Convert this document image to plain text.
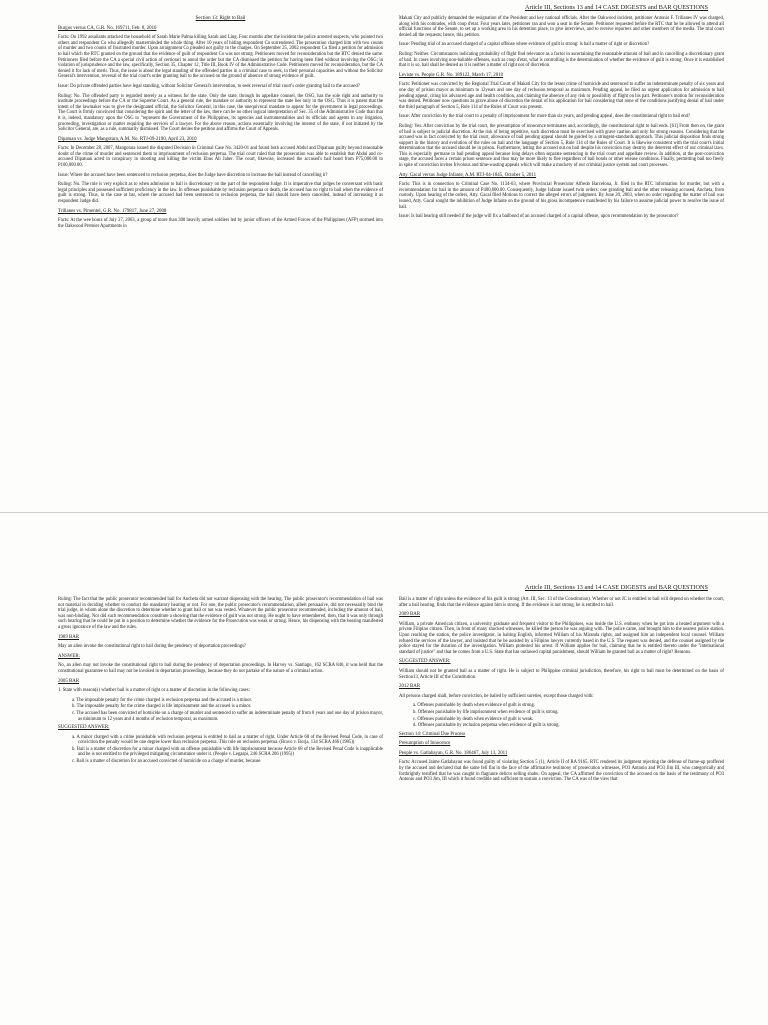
Article III, Sections 13 and 14 CASE DIGESTS and BAR QUESTIONS

Section 13: Right to Bail

Burgos versus CA, G.R. No. 169711, Feb. 8, 2010

Facts: On 1992 assailants attacked the household of Sarah Marie Palma killing Sarah and Ling. Four months after the incident the police arrested suspects, who pointed two others and respondent Co who allegedly masterminded the whole thing. After 10 years of hiding respondent Co surrendered. The prosecution charged him with two counts of murder and two counts of frustrated murder. Upon arraignment Co pleaded not guilty to the charges. On September 25, 2002 respondent Co filed a petition for admission to bail which the RTC granted on the ground that the evidence of guilt of respondent Co was not strong. Petitioners moved for reconsideration but the RTC denied the same. Petitioners filed before the CA a special civil action of certiorari to annul the order but the CA dismissed the petition for having been filed without involving the OSG; in violation of jurisprudence and the law, specifically, Section 35, Chapter 12, Title III, Book IV of the Administrative Code. Petitioners moved for reconsideration, but the CA denied it for lack of merit. Thus, the issue is about the legal standing of the offended parties in a criminal case to seek, in their personal capacities and without the Solicitor General's intervention, reversal of the trial court's order granting bail to the accused on the ground of absence of strong evidence of guilt.

Issue: Do private offended parties have legal standing, without Solicitor General's intervention, to seek reversal of trial court's order granting bail to the accused?

Ruling: No. The offended party is regarded merely as a witness for the state. Only the state, through its appellate counsel, the OSG, has the sole right and authority to institute proceedings before the CA or the Supreme Court. As a general rule, the mandate or authority to represent the state lies only in the OSG. Thus it is patent that the intent of the lawmaker was to give the designated official, the Solicitor General, in this case, the unequivocal mandate to appear for the government in legal proceedings. The Court is firmly convinced that considering the spirit and the letter of the law, there can be no other logical interpretation of Sec. 35 of the Administrative Code than that it is, indeed, mandatory upon the OSG to "represent the Government of the Philippines, its agencies and instrumentalities and its officials and agents in any litigation, proceeding, investigation or matter requiring the services of a lawyer. For the above reason, actions essentially involving the interest of the state, if not initiated by the Solicitor General, are, as a rule, summarily dismissed. The Court denies the petition and affirms the Court of Appeals.

Dipatuan vs. Judge Mangotara, A.M. No. RTJ-09-2190, April 23, 2010

Facts: In December 28, 2007, Mangotara issued the disputed Decision in Criminal Case No. 3420-01 and found both accused Abdul and Dipatuan guilty beyond reasonable doubt of the crime of murder and sentenced them to imprisonment of reclusion perpetua. The trial court ruled that the prosecution was able to establish that Abdul and co-accused Dipatuan acted in conspiracy in shooting and killing the victim Ebus Ali Jaber. The court, likewise, increased the accused's bail bond from P75,000.00 to P100,000.00.

Issue: Where the accused have been sentenced to reclusion perpetua, does the Judge have discretion to increase the bail instead of cancelling it?

Ruling: No. The rule is very explicit as to when admission to bail is discretionary on the part of the respondent Judge. It is imperative that judges be conversant with basic legal principles and possessed sufficient proficiency in the law. In offenses punishable by reclusion perpetua or death, the accused has no right to bail when the evidence of guilt is strong. Thus, in the case at bar, where the accused had been sentenced to reclusion perpetua, the bail should have been cancelled, instead of increasing it as respondent Judge did.

Trillanes vs. Pimentel, G.R. No. 179817, June 27, 2008

Facts: At the wee hours of July 27, 2003, a group of more than 300 heavily armed soldiers led by junior officers of the Armed Forces of the Philippines (AFP) stormed into the Oakwood Premier Apartments in

Makati City and publicly demanded the resignation of the President and key national officials. After the Oakwood incident, petitioner Antonio F. Trillanes IV was charged, along with his comrades, with coup d'etat. Four years later, petitioner ran and won a seat in the Senate. Petitioner requested before the RTC that he be allowed to attend all official functions of the Senate, to set up a working area in his detention place, to give interviews, and to receive reporters and other members of the media. The trial court denied all the requests; hence, this petition.

Issue: Pending trial of an accused charged of a capital offense where evidence of guilt is strong: is bail a matter of right or discretion?

Ruling: Neither. Circumstances indicating probability of flight find relevance as a factor in ascertaining the reasonable amount of bail and in cancelling a discretionary grant of bail. In cases involving non-bailable offenses, such as coup d'etat, what is controlling is the determination of whether the evidence of guilt is strong. Once it is established that it is so, bail shall be denied as it is neither a matter of right nor of discretion.

Leviste vs. People G.R. No. 189122, March 17, 2010

Facts: Petitioner was convicted by the Regional Trial Court of Makati City for the lesser crime of homicide and sentenced to suffer an indeterminate penalty of six years and one day of prision mayor as minimum to 12years and one day of reclusion temporal as maximum. Pending appeal, he filed an urgent application for admission to bail pending appeal, citing his advanced age and health condition, and claiming the absence of any risk or possibility of flight on his part. Petitioner's motion for reconsideration was denied. Petitioner now questions as grave abuse of discretion the denial of his application for bail considering that none of the conditions justifying denial of bail under the third paragraph of Section 5, Rule 114 of the Rules of Court was present.

Issue: After conviction by the trial court to a penalty of imprisonment for more than six years, and pending appeal, does the constitutional right to bail end?

Ruling: Yes. After conviction by the trial court, the presumption of innocence terminates and, accordingly, the constitutional right to bail ends. [61] From then on, the grant of bail is subject to judicial discretion. At the risk of being repetitive, such discretion must be exercised with grave caution and only for strong reasons. Considering that the accused was in fact convicted by the trial court, allowance of bail pending appeal should be guided by a stringent-standards approach. This judicial disposition finds strong support in the history and evolution of the rules on bail and the language of Section 5, Rule 114 of the Rules of Court. It is likewise consistent with the trial court's initial determination that the accused should be in prison. Furthermore, letting the accused out on bail despite his conviction may destroy the deterrent effect of our criminal laws. This is especially germane to bail pending appeal because long delays often separate sentencing in the trial court and appellate review. In addition, at the post-conviction stage, the accused faces a certain prison sentence and thus may be more likely to flee regardless of bail bonds or other release conditions. Finally, permitting bail too freely in spite of conviction invites frivolous and time-wasting appeals which will make a mockery of our criminal justice system and court processes.

Atty. Gacal versus Judge Infante, A.M. RTJ-04-1845, October 5, 2011

Facts: This is in connection to Criminal Case No. 1134-03, where Provincial Prosecutor Alfredo Barcelona, Jr. filed in the RTC information for murder, but with a recommendation for bail in the amount of P400,000.00. Consequently, Judge Infante issued twin orders: one granting bail and the other releasing accused, Ancheta, from custody. Upon hearing of the orders, Atty. Gacal filed Motions to correct the alleged errors of judgment. By June 20, 2003, when no order regarding the matter of bail was issued, Atty. Gacal sought the inhibition of Judge Infante on the ground of his gross incompetence manifested by his failure to assume judicial power to resolve the issue of bail.

Issue: Is bail hearing still needed if the judge will fix a bailbond of an accused charged of a capital offense, upon recommendation by the prosecutor?

Article III, Sections 13 and 14 CASE DIGESTS and BAR QUESTIONS

Ruling: The fact that the public prosecutor recommended bail for Ancheta did not warrant dispensing with the hearing. The public prosecutor's recommendation of bail was not material in deciding whether to conduct the mandatory hearing or not. For one, the public prosecutor's recommendation, albeit persuasive, did not necessarily bind the trial judge, in whom alone the discretion to determine whether to grant bail or not was vested. Whatever the public prosecutor recommended, including the amount of bail, was non-binding. Nor did such recommendation constitute a showing that the evidence of guilt was not strong. He ought to have remembered, then, that it was only through such hearing that he could be put in a position to determine whether the evidence for the Prosecution was weak or strong. Hence, his dispensing with the hearing manifested a gross ignorance of the law and the rules.

1989 BAR

May an alien invoke the constitutional right to bail during the pendency of deportation proceedings?

ANSWER:

No, an alien may not invoke the constitutional right to bail during the pendency of deportation proceedings. In Harvey vs. Santiago, 162 SCRA 840, it was held that the constitutional guarantee to bail may not be invoked in deportation proceedings, because they do not partake of the nature of a criminal action.

2005 BAR

1. State with reason(s) whether bail is a matter of right or a matter of discretion in the following cases:

a. The imposable penalty for the crime charged is reclusion perpetua and the accused is a minor.

b. The imposable penalty for the crime charged is life imprisonment and the accused is a minor.

c. The accused has been convicted of homicide on a charge of murder and sentenced to suffer an indeterminate penalty of from 8 years and one day of prision mayor, as minimum to 12 years and 4 months of reclusion temporal, as maximum.

SUGGESTED ANSWER:

a. A minor charged with a crime punishable with reclusion perpetua is entitled to bail as a matter of right. Under Article 68 of the Revised Penal Code, in case of conviction the penalty would be one degree lower than reclusion perpetua. This rule on reclusion perpetua. (Bravo v. Borja, 134 SCRA 466 (1985))

b. Bail is a matter of discretion for a minor charged with an offense punishable with life imprisonment because Article 68 of the Revised Penal Code is inapplicable and he is not entitled to the privileged mitigating circumstance under it. (People v. Legaspi, 246 SCRA 206 (1995))

c. Bail is a matter of discretion for an accused convicted of homicide on a charge of murder, because

Bail is a matter of right unless the evidence of his guilt is strong (Art. III, Sec. 13 of the Constitution). Whether or not JC is entitled to bail will depend on whether the court, after a bail hearing, finds that the evidence against him is strong. If the evidence is not strong, he is entitled to bail.

2009 BAR

William, a private American citizen, a university graduate and frequent visitor to the Philippines, was inside the U.S. embassy when he got into a heated argument with a private Filipino citizen. Then, in front of many shocked witnesses, he killed the person he was arguing with. The police came, and brought him to the nearest police station. Upon reaching the station, the police investigator, in halting English, informed William of his Miranda rights, and assigned him an independent local counsel. William refused the services of the lawyer, and insisted that he be assisted by a Filipino lawyer currently based in the U.S. The request was denied, and the counsel assigned by the police stayed for the duration of the investigation. William protested his arrest. If William applies for bail, claiming that he is entitled thereto under the "international standard of justice" and that he comes from a U.S. State that has outlawed capital punishment, should William be granted bail as a matter of right? Reasons.

SUGGESTED ANSWER:

William should not be granted bail as a matter of right. He is subject to Philippine criminal jurisdiction, therefore, his right to bail must be determined on the basis of Section13, Article III of the Constitution.

2012 BAR

All persons charged shall, before conviction, be bailed by sufficient sureties, except those charged with:

a. Offenses punishable by death when evidence of guilt is strong.

b. Offenses punishable by life imprisonment when evidence of guilt is strong.

c. Offenses punishable by death when evidence of guilt is weak.

d. Offenses punishable by reclusion perpetua when evidence of guilt is strong.

Section 14: Criminal Due Process

Presumption of Innocence

People vs. Gatlabayan, G.R. No. 186467, July 13, 2011

Facts: Accused Jaime Gatlabayan was found guilty of violating Section 5 (1), Article II of RA 9165. RTC rendered its judgment rejecting the defense of frame-up proffered by the accused and declared that the same fell flat in the face of the affirmative testimony of prosecution witnesses, PO3 Antonio and PO3 Jim III, who categorically and forthrightly testified that he was caught in flagrante delicto selling shabu. On appeal, the CA affirmed the conviction of the accused on the basis of the testimony of PO3 Antonio and PO3 Jim, III which it found credible and sufficient to sustain a conviction. The CA was of the view that
